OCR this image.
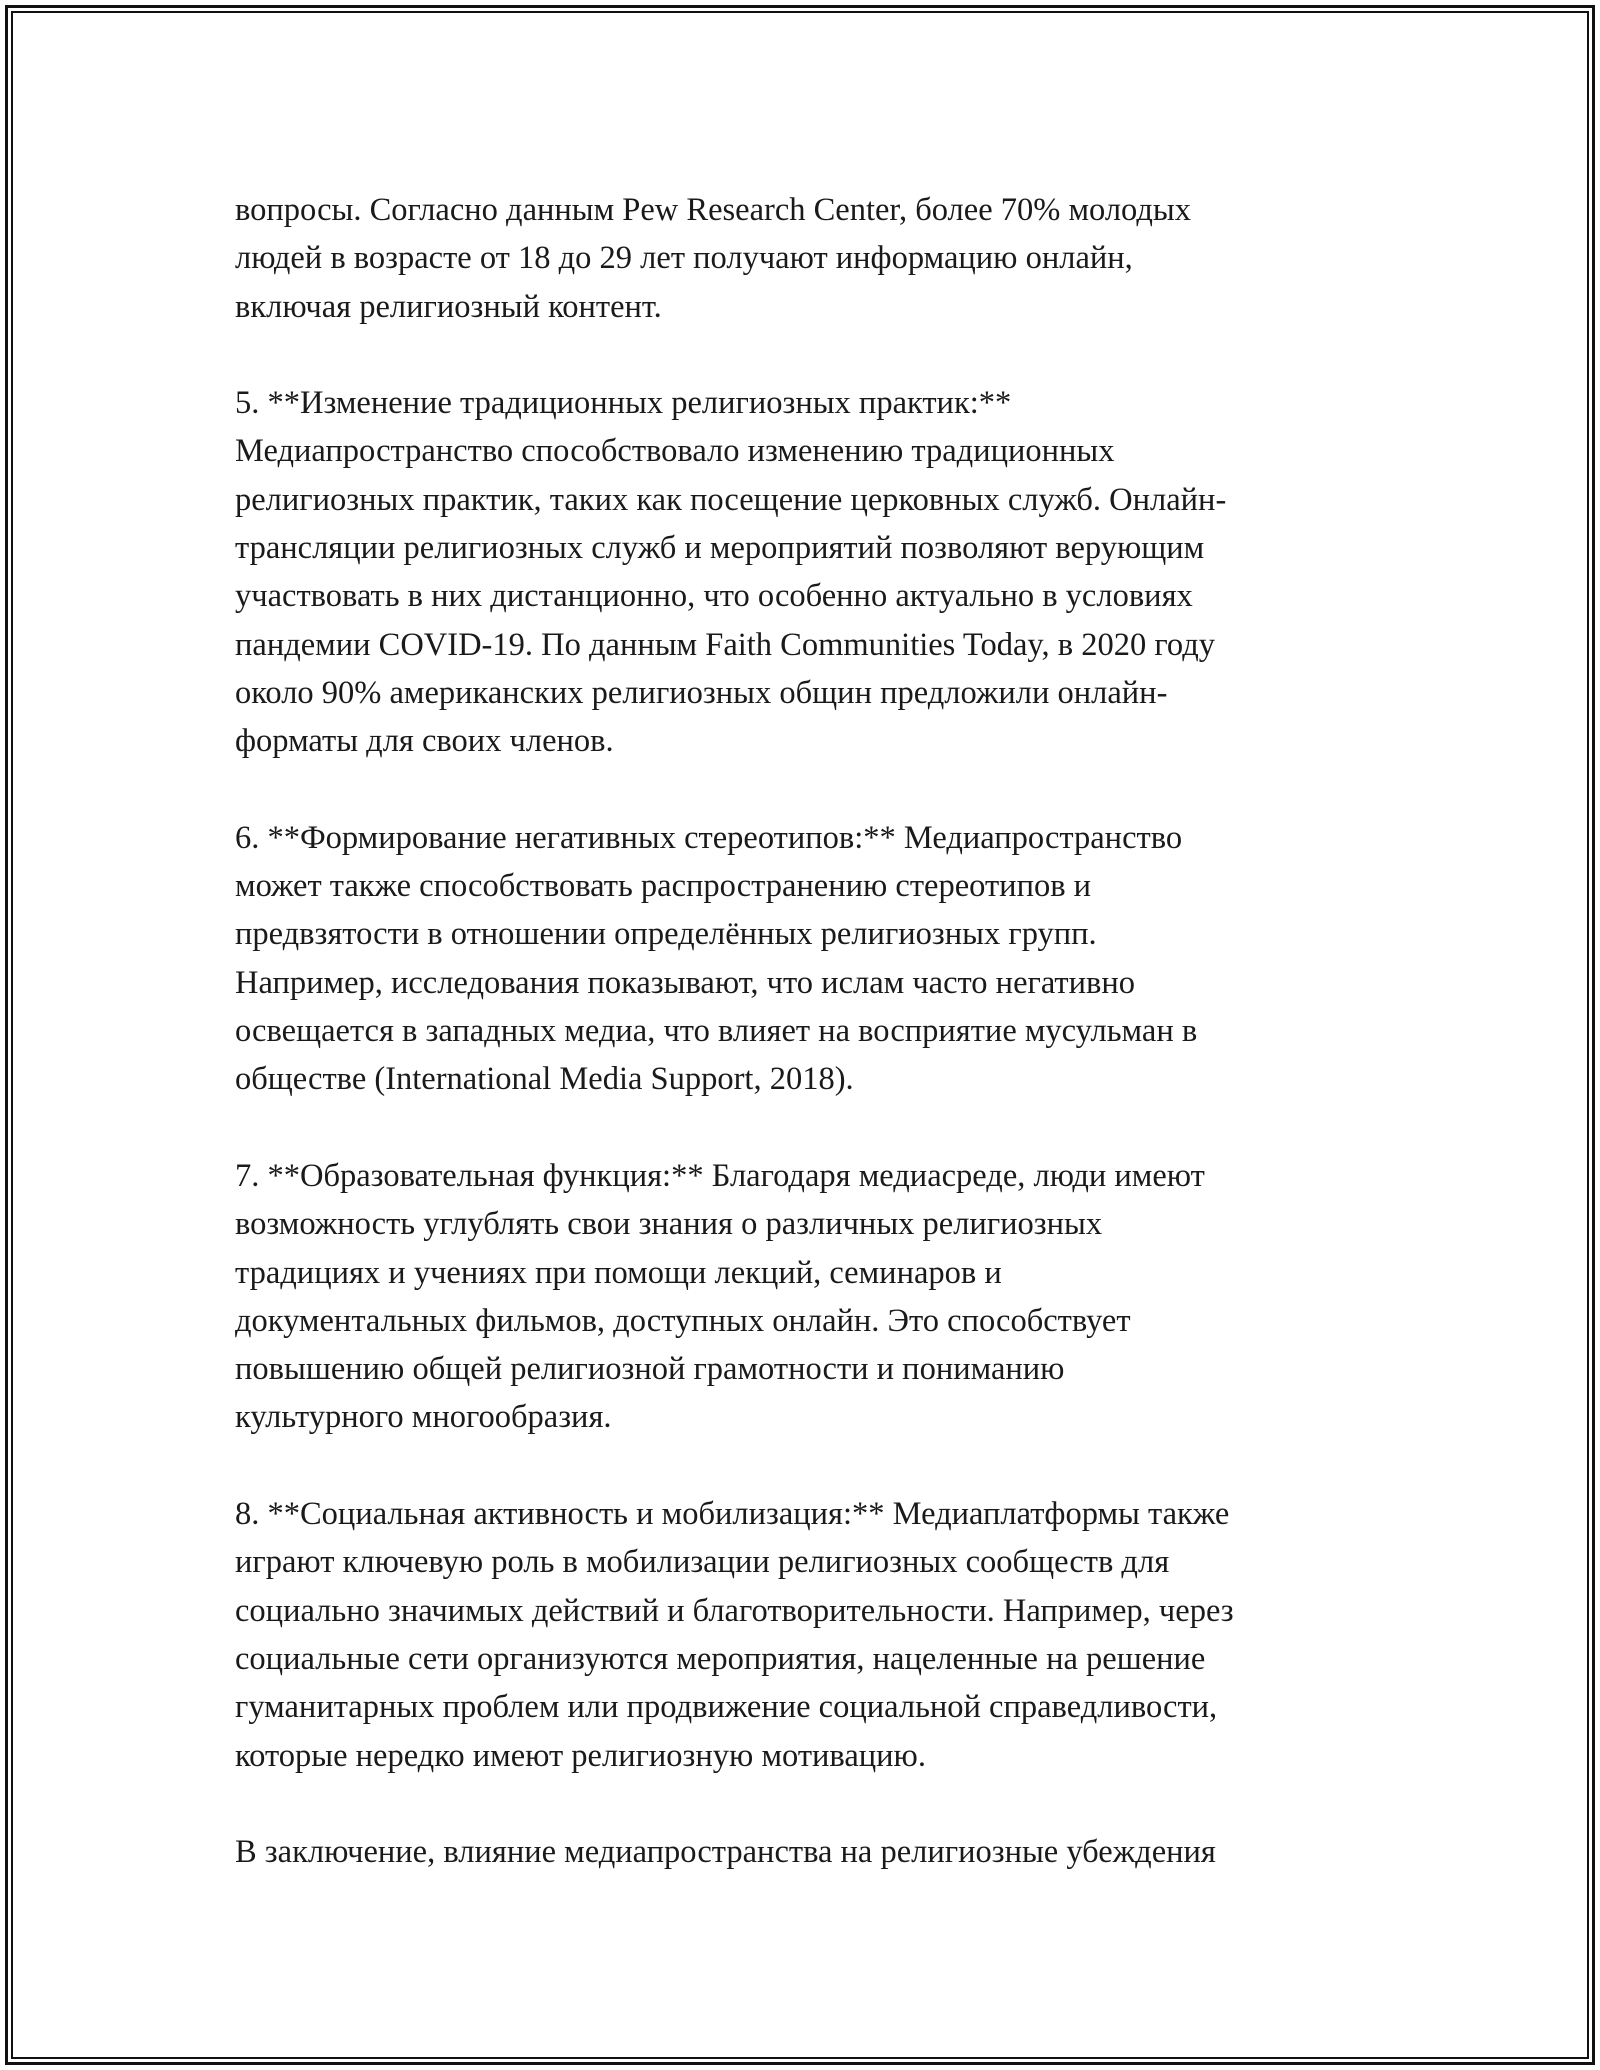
вопросы. Согласно данным Pew Research Center, более 70% молодых
людей в возрасте от 18 до 29 лет получают информацию онлайн,
включая религиозный контент.

5. **Изменение традиционных религиозных практик:**
Медиапространство способствовало изменению традиционных
религиозных практик, таких как посещение церковных служб. Онлайн-
трансляции религиозных служб и мероприятий позволяют верующим
участвовать в них дистанционно, что особенно актуально в условиях
пандемии COVID-19. По данным Faith Communities Today, в 2020 году
около 90% американских религиозных общин предложили онлайн-
форматы для своих членов.

6. **Формирование негативных стереотипов:** Медиапространство
может также способствовать распространению стереотипов и
предвзятости в отношении определённых религиозных групп.
Например, исследования показывают, что ислам часто негативно
освещается в западных медиа, что влияет на восприятие мусульман в
обществе (International Media Support, 2018).

7. **Образовательная функция:** Благодаря медиасреде, люди имеют
возможность углублять свои знания о различных религиозных
традициях и учениях при помощи лекций, семинаров и
документальных фильмов, доступных онлайн. Это способствует
повышению общей религиозной грамотности и пониманию
культурного многообразия.

8. **Социальная активность и мобилизация:** Медиаплатформы также
играют ключевую роль в мобилизации религиозных сообществ для
социально значимых действий и благотворительности. Например, через
социальные сети организуются мероприятия, нацеленные на решение
гуманитарных проблем или продвижение социальной справедливости,
которые нередко имеют религиозную мотивацию.

В заключение, влияние медиапространства на религиозные убеждения
